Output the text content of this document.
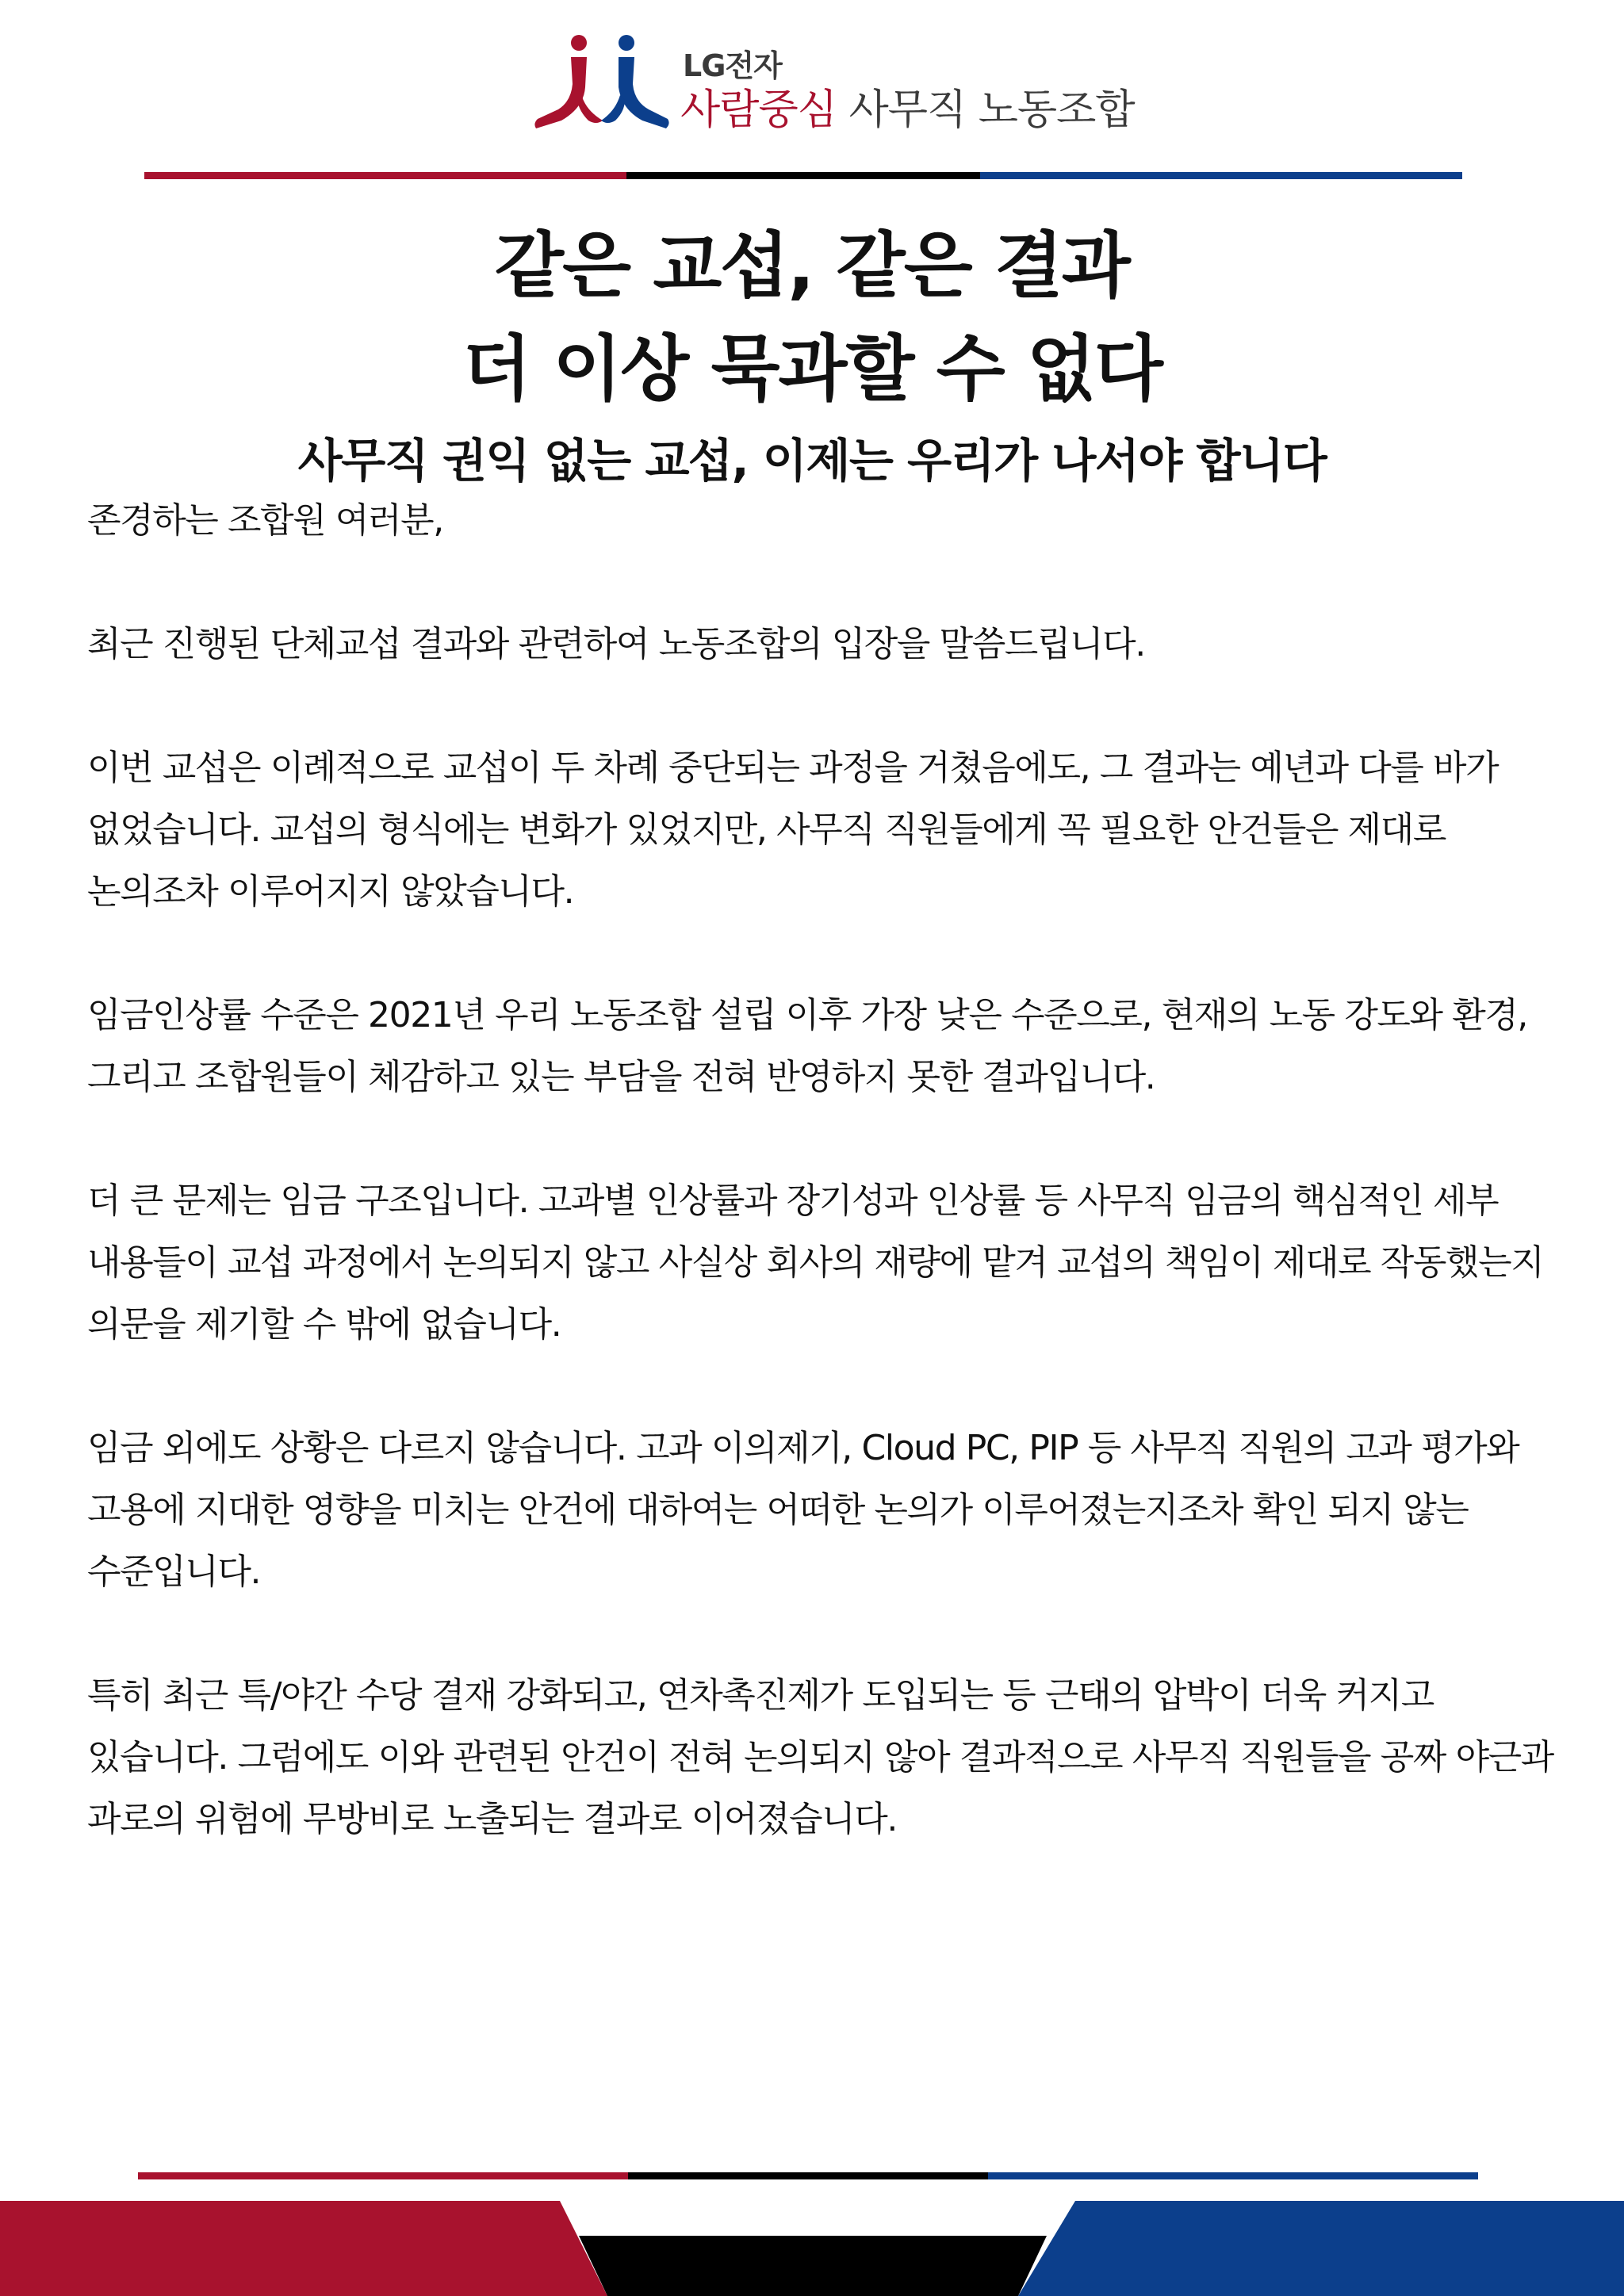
LG전자
사람중심 사무직 노동조합
같은 교섭, 같은 결과
더 이상 묵과할 수 없다
사무직 권익 없는 교섭, 이제는 우리가 나서야 합니다

존경하는 조합원 여러분,

최근 진행된 단체교섭 결과와 관련하여 노동조합의 입장을 말씀드립니다.

이번 교섭은 이례적으로 교섭이 두 차례 중단되는 과정을 거쳤음에도, 그 결과는 예년과 다를 바가 없었습니다. 교섭의 형식에는 변화가 있었지만, 사무직 직원들에게 꼭 필요한 안건들은 제대로 논의조차 이루어지지 않았습니다.

임금인상률 수준은 2021년 우리 노동조합 설립 이후 가장 낮은 수준으로, 현재의 노동 강도와 환경, 그리고 조합원들이 체감하고 있는 부담을 전혀 반영하지 못한 결과입니다.

더 큰 문제는 임금 구조입니다. 고과별 인상률과 장기성과 인상률 등 사무직 임금의 핵심적인 세부 내용들이 교섭 과정에서 논의되지 않고 사실상 회사의 재량에 맡겨 교섭의 책임이 제대로 작동했는지 의문을 제기할 수 밖에 없습니다.

임금 외에도 상황은 다르지 않습니다. 고과 이의제기, Cloud PC, PIP 등 사무직 직원의 고과 평가와 고용에 지대한 영향을 미치는 안건에 대하여는 어떠한 논의가 이루어졌는지조차 확인 되지 않는 수준입니다.

특히 최근 특/야간 수당 결재 강화되고, 연차촉진제가 도입되는 등 근태의 압박이 더욱 커지고 있습니다. 그럼에도 이와 관련된 안건이 전혀 논의되지 않아 결과적으로 사무직 직원들을 공짜 야근과 과로의 위험에 무방비로 노출되는 결과로 이어졌습니다.
